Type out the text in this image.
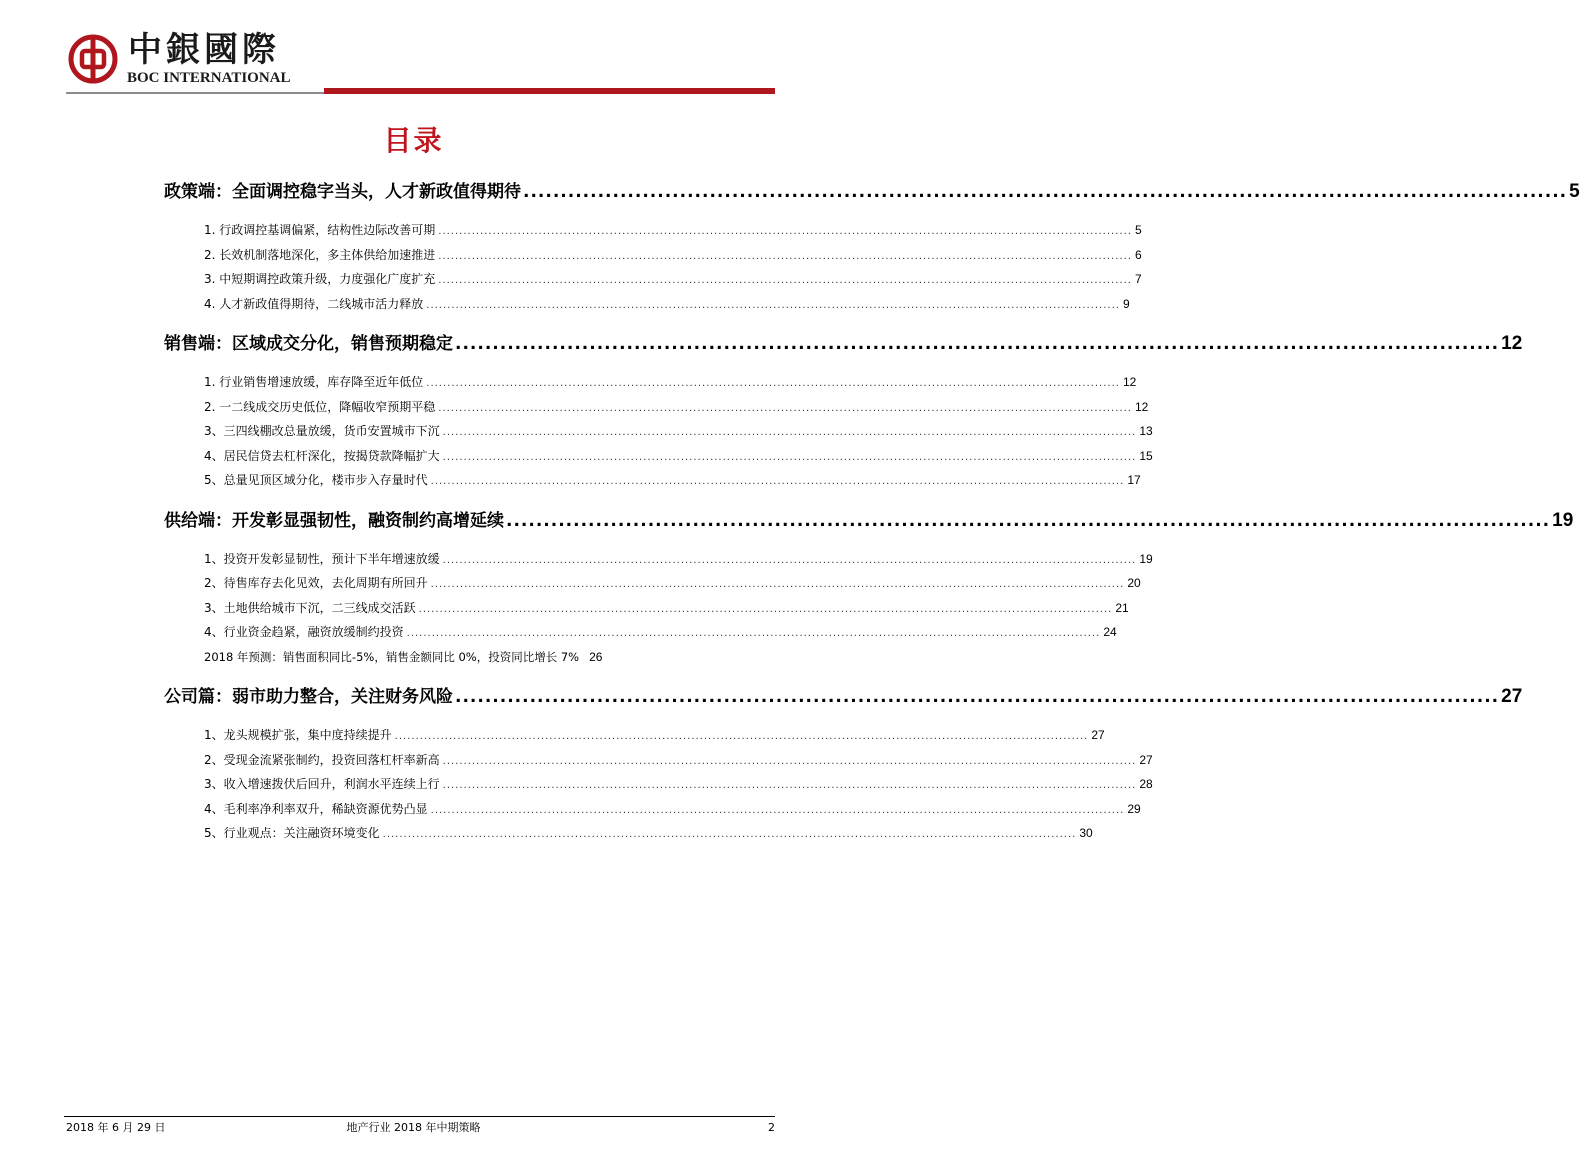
中銀國際
BOC INTERNATIONAL
目录
政策端：全面调控稳字当头，人才新政值得期待 ............................................................................................................................................ 5
1. 行政调控基调偏紧，结构性边际改善可期 ...................................................................................................................................................................... 5
2. 长效机制落地深化，多主体供给加速推进 ...................................................................................................................................................................... 6
3. 中短期调控政策升级，力度强化广度扩充 ...................................................................................................................................................................... 7
4. 人才新政值得期待，二线城市活力释放 ...................................................................................................................................................................... 9
销售端：区域成交分化，销售预期稳定 ............................................................................................................................................ 12
1. 行业销售增速放缓，库存降至近年低位 ...................................................................................................................................................................... 12
2. 一二线成交历史低位，降幅收窄预期平稳 ...................................................................................................................................................................... 12
3、三四线棚改总量放缓，货币安置城市下沉 ...................................................................................................................................................................... 13
4、居民信贷去杠杆深化，按揭贷款降幅扩大 ...................................................................................................................................................................... 15
5、总量见顶区域分化，楼市步入存量时代 ...................................................................................................................................................................... 17
供给端：开发彰显强韧性，融资制约高增延续 ............................................................................................................................................ 19
1、投资开发彰显韧性，预计下半年增速放缓 ...................................................................................................................................................................... 19
2、待售库存去化见效，去化周期有所回升 ...................................................................................................................................................................... 20
3、土地供给城市下沉，二三线成交活跃 ...................................................................................................................................................................... 21
4、行业资金趋紧，融资放缓制约投资 ...................................................................................................................................................................... 24
2018 年预测：销售面积同比-5%，销售金额同比 0%，投资同比增长 7% 26
公司篇：弱市助力整合，关注财务风险 ............................................................................................................................................ 27
1、龙头规模扩张，集中度持续提升 ...................................................................................................................................................................... 27
2、受现金流紧张制约，投资回落杠杆率新高 ...................................................................................................................................................................... 27
3、收入增速拨伏后回升，利润水平连续上行 ...................................................................................................................................................................... 28
4、毛利率净利率双升，稀缺资源优势凸显 ...................................................................................................................................................................... 29
5、行业观点：关注融资环境变化 ...................................................................................................................................................................... 30
2018 年 6 月 29 日	地产行业 2018 年中期策略	2
